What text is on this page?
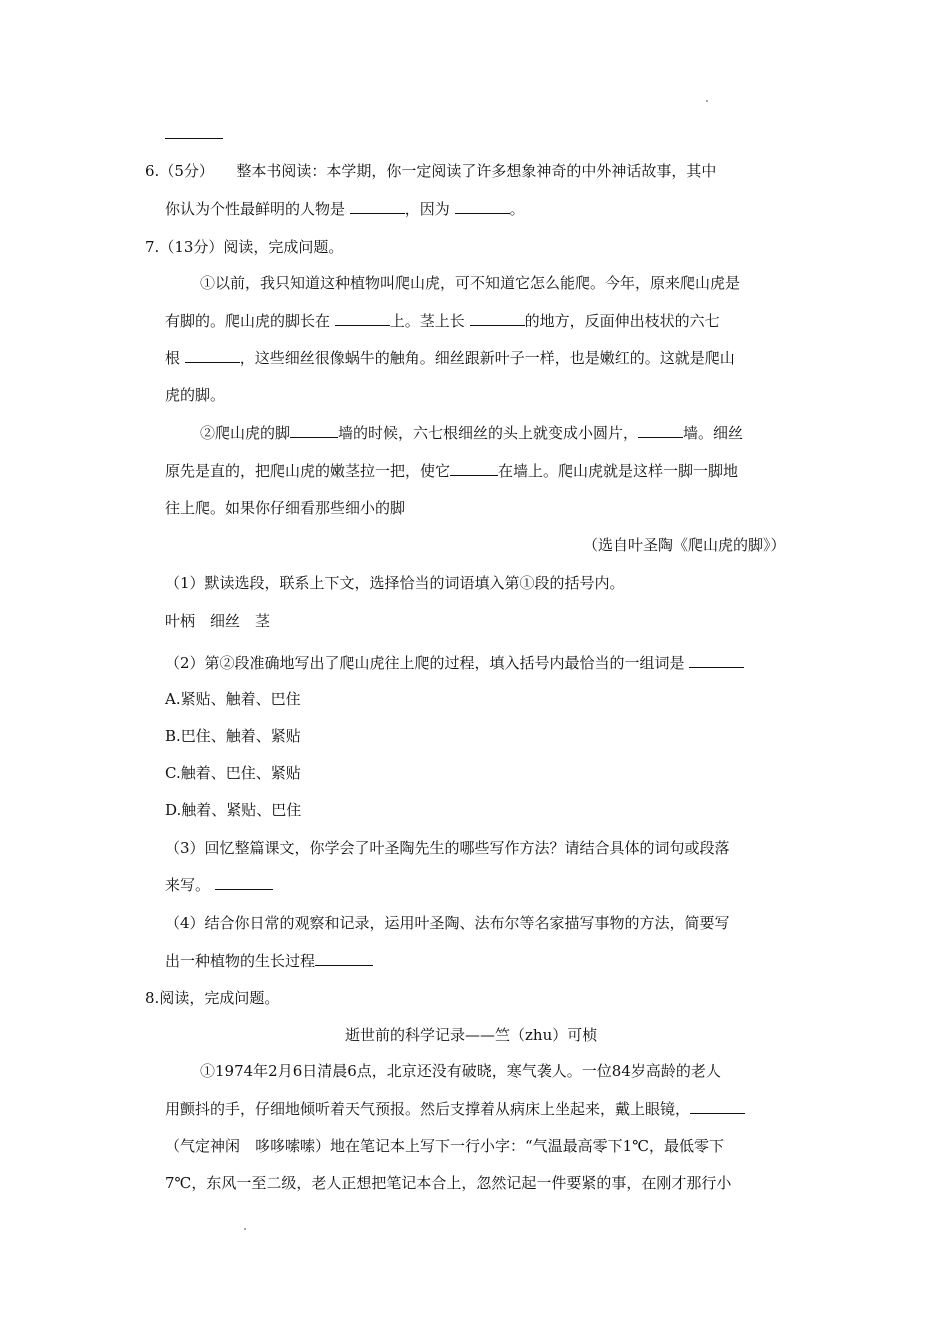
6.（5分）　　 整本书阅读：本学期，你一定阅读了许多想象神奇的中外神话故事，其中
你认为个性最鲜明的人物是	，因为	。
7.（13分）阅读，完成问题。
①以前，我只知道这种植物叫爬山虎，可不知道它怎么能爬。今年，原来爬山虎是
有脚的。爬山虎的脚长在	上。茎上长	的地方，反面伸出枝状的六七
根	，这些细丝很像蜗牛的触角。细丝跟新叶子一样，也是嫩红的。这就是爬山
虎的脚。
②爬山虎的脚	墙的时候，六七根细丝的头上就变成小圆片，	墙。细丝
原先是直的，把爬山虎的嫩茎拉一把，使它	在墙上。爬山虎就是这样一脚一脚地
往上爬。如果你仔细看那些细小的脚
（选自叶圣陶《爬山虎的脚》）
（1）默读选段，联系上下文，选择恰当的词语填入第①段的括号内。
叶柄　细丝　茎
（2）第②段准确地写出了爬山虎往上爬的过程，填入括号内最恰当的一组词是
A.紧贴、触着、巴住
B.巴住、触着、紧贴
C.触着、巴住、紧贴
D.触着、紧贴、巴住
（3）回忆整篇课文，你学会了叶圣陶先生的哪些写作方法？请结合具体的词句或段落
来写。
（4）结合你日常的观察和记录，运用叶圣陶、法布尔等名家描写事物的方法，简要写
出一种植物的生长过程
8.阅读，完成问题。
逝世前的科学记录——竺（zhu）可桢
①1974年2月6日清晨6点，北京还没有破晓，寒气袭人。一位84岁高龄的老人
用颤抖的手，仔细地倾听着天气预报。然后支撑着从病床上坐起来，戴上眼镜，
（气定神闲　哆哆嗦嗦）地在笔记本上写下一行小字：“气温最高零下1℃，最低零下
7℃，东风一至二级，老人正想把笔记本合上，忽然记起一件要紧的事，在刚才那行小
